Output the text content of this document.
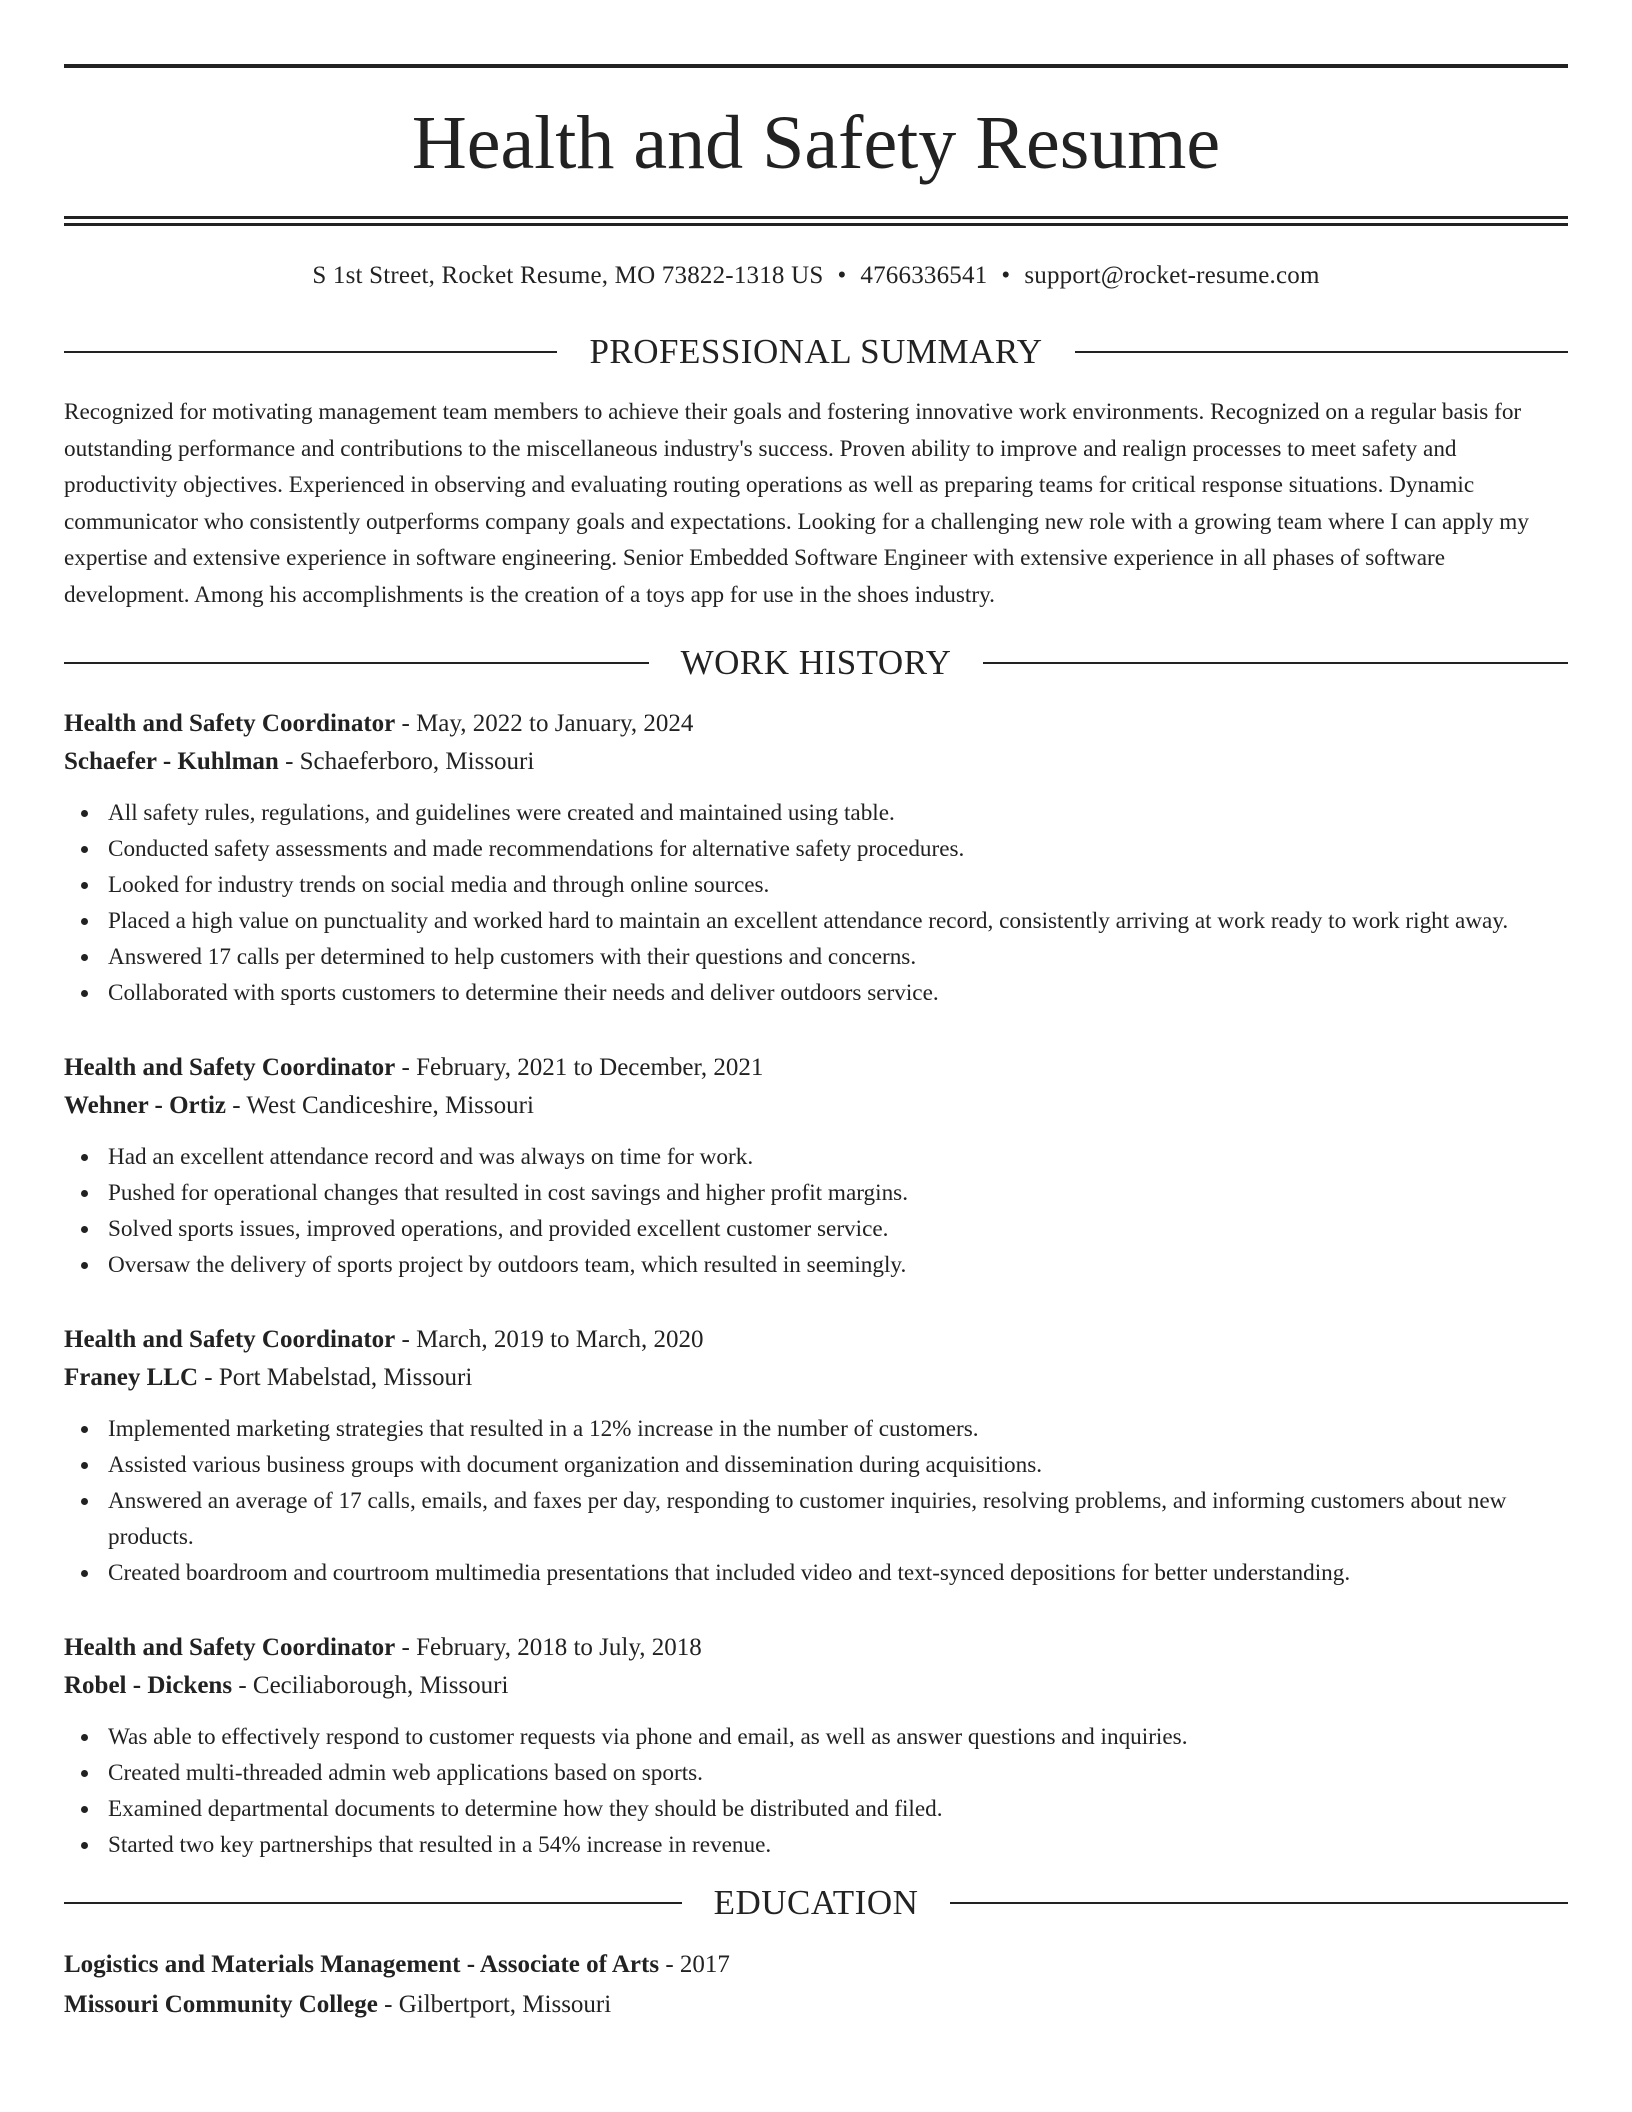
Health and Safety Resume
S 1st Street, Rocket Resume, MO 73822-1318 US • 4766336541 • support@rocket-resume.com
PROFESSIONAL SUMMARY

Recognized for motivating management team members to achieve their goals and fostering innovative work environments. Recognized on a regular basis for outstanding performance and contributions to the miscellaneous industry's success. Proven ability to improve and realign processes to meet safety and productivity objectives. Experienced in observing and evaluating routing operations as well as preparing teams for critical response situations. Dynamic communicator who consistently outperforms company goals and expectations. Looking for a challenging new role with a growing team where I can apply my expertise and extensive experience in software engineering. Senior Embedded Software Engineer with extensive experience in all phases of software development. Among his accomplishments is the creation of a toys app for use in the shoes industry.

WORK HISTORY
Health and Safety Coordinator - May, 2022 to January, 2024
Schaefer - Kuhlman - Schaeferboro, Missouri
All safety rules, regulations, and guidelines were created and maintained using table.
Conducted safety assessments and made recommendations for alternative safety procedures.
Looked for industry trends on social media and through online sources.
Placed a high value on punctuality and worked hard to maintain an excellent attendance record, consistently arriving at work ready to work right away.
Answered 17 calls per determined to help customers with their questions and concerns.
Collaborated with sports customers to determine their needs and deliver outdoors service.
Health and Safety Coordinator - February, 2021 to December, 2021
Wehner - Ortiz - West Candiceshire, Missouri
Had an excellent attendance record and was always on time for work.
Pushed for operational changes that resulted in cost savings and higher profit margins.
Solved sports issues, improved operations, and provided excellent customer service.
Oversaw the delivery of sports project by outdoors team, which resulted in seemingly.
Health and Safety Coordinator - March, 2019 to March, 2020
Franey LLC - Port Mabelstad, Missouri
Implemented marketing strategies that resulted in a 12% increase in the number of customers.
Assisted various business groups with document organization and dissemination during acquisitions.
Answered an average of 17 calls, emails, and faxes per day, responding to customer inquiries, resolving problems, and informing customers about new products.
Created boardroom and courtroom multimedia presentations that included video and text-synced depositions for better understanding.
Health and Safety Coordinator - February, 2018 to July, 2018
Robel - Dickens - Ceciliaborough, Missouri
Was able to effectively respond to customer requests via phone and email, as well as answer questions and inquiries.
Created multi-threaded admin web applications based on sports.
Examined departmental documents to determine how they should be distributed and filed.
Started two key partnerships that resulted in a 54% increase in revenue.
EDUCATION
Logistics and Materials Management - Associate of Arts - 2017
Missouri Community College - Gilbertport, Missouri
